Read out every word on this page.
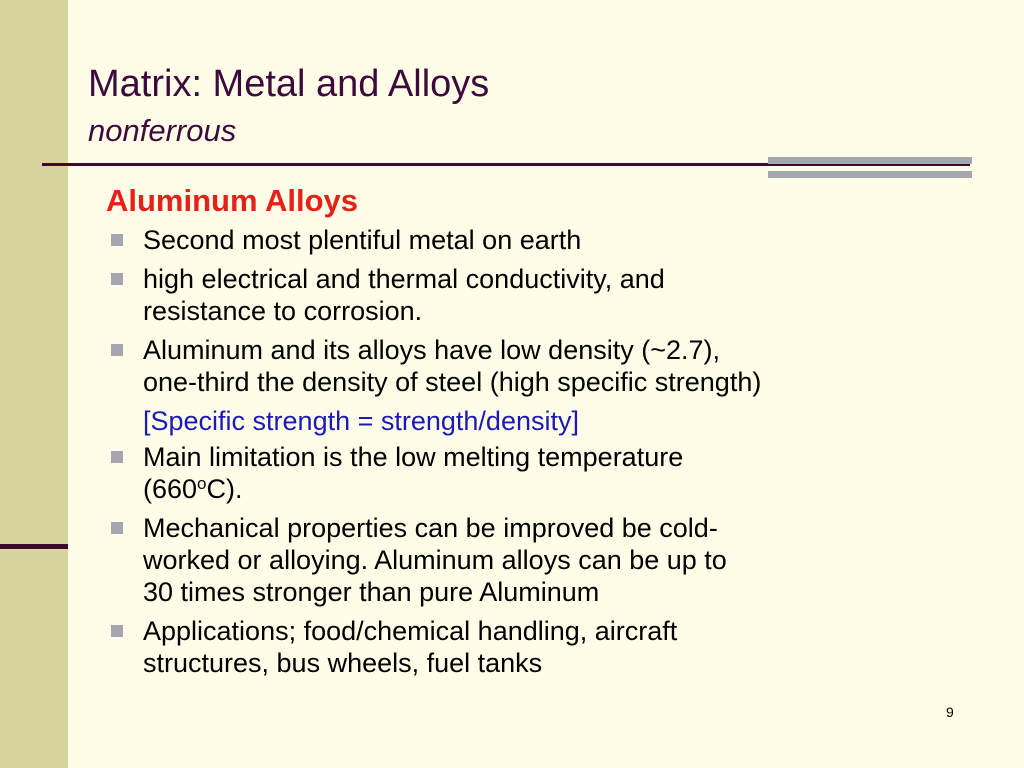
Matrix: Metal and Alloys
nonferrous
Aluminum Alloys
Second most plentiful metal on earth
high electrical and thermal conductivity, and
resistance to corrosion.
Aluminum and its alloys have low density (~2.7),
one-third the density of steel (high specific strength)
[Specific strength = strength/density]
Main limitation is the low melting temperature
(660$^o$C).
Mechanical properties can be improved be cold-
worked or alloying. Aluminum alloys can be up to
30 times stronger than pure Aluminum
Applications; food/chemical handling, aircraft
structures, bus wheels, fuel tanks
9
